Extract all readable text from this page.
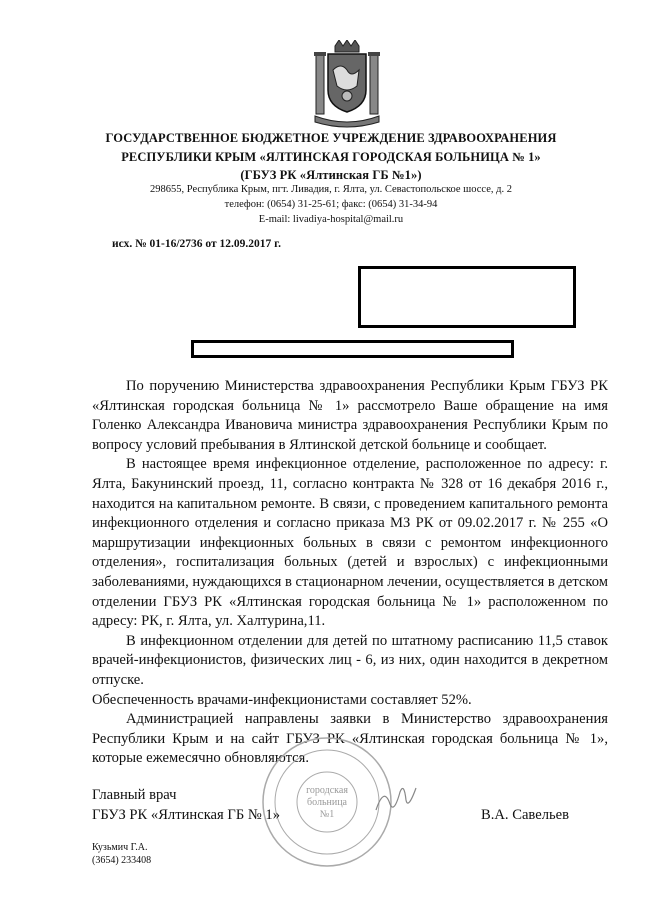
ГОСУДАРСТВЕННОЕ БЮДЖЕТНОЕ УЧРЕЖДЕНИЕ ЗДРАВООХРАНЕНИЯ
РЕСПУБЛИКИ КРЫМ «ЯЛТИНСКАЯ ГОРОДСКАЯ БОЛЬНИЦА № 1»
(ГБУЗ РК «Ялтинская ГБ №1»)
298655, Республика Крым, пгт. Ливадия, г. Ялта, ул. Севастопольское шоссе, д. 2
телефон: (0654) 31-25-61; факс: (0654) 31-34-94
E-mail: livadiya-hospital@mail.ru
исх. № 01-16/2736 от 12.09.2017 г.

По поручению Министерства здравоохранения Республики Крым ГБУЗ РК «Ялтинская городская больница № 1» рассмотрело Ваше обращение на имя Голенко Александра Ивановича министра здравоохранения Республики Крым по вопросу условий пребывания в Ялтинской детской больнице и сообщает.

В настоящее время инфекционное отделение, расположенное по адресу: г. Ялта, Бакунинский проезд, 11, согласно контракта № 328 от 16 декабря 2016 г., находится на капитальном ремонте. В связи, с проведением капитального ремонта инфекционного отделения и согласно приказа МЗ РК от 09.02.2017 г. № 255 «О маршрутизации инфекционных больных в связи с ремонтом инфекционного отделения», госпитализация больных (детей и взрослых) с инфекционными заболеваниями, нуждающихся в стационарном лечении, осуществляется в детском отделении ГБУЗ РК «Ялтинская городская больница № 1» расположенном по адресу: РК, г. Ялта, ул. Халтурина,11.

В инфекционном отделении для детей по штатному расписанию 11,5 ставок врачей-инфекционистов, физических лиц - 6, из них, один находится в декретном отпуске.

Обеспеченность врачами-инфекционистами составляет 52%.

Администрацией направлены заявки в Министерство здравоохранения Республики Крым и на сайт ГБУЗ РК «Ялтинская городская больница № 1», которые ежемесячно обновляются.

городская
больница
№1
Главный врач
ГБУЗ РК «Ялтинская ГБ № 1»	В.А. Савельев
Кузьмич Г.А.
(3654) 233408
